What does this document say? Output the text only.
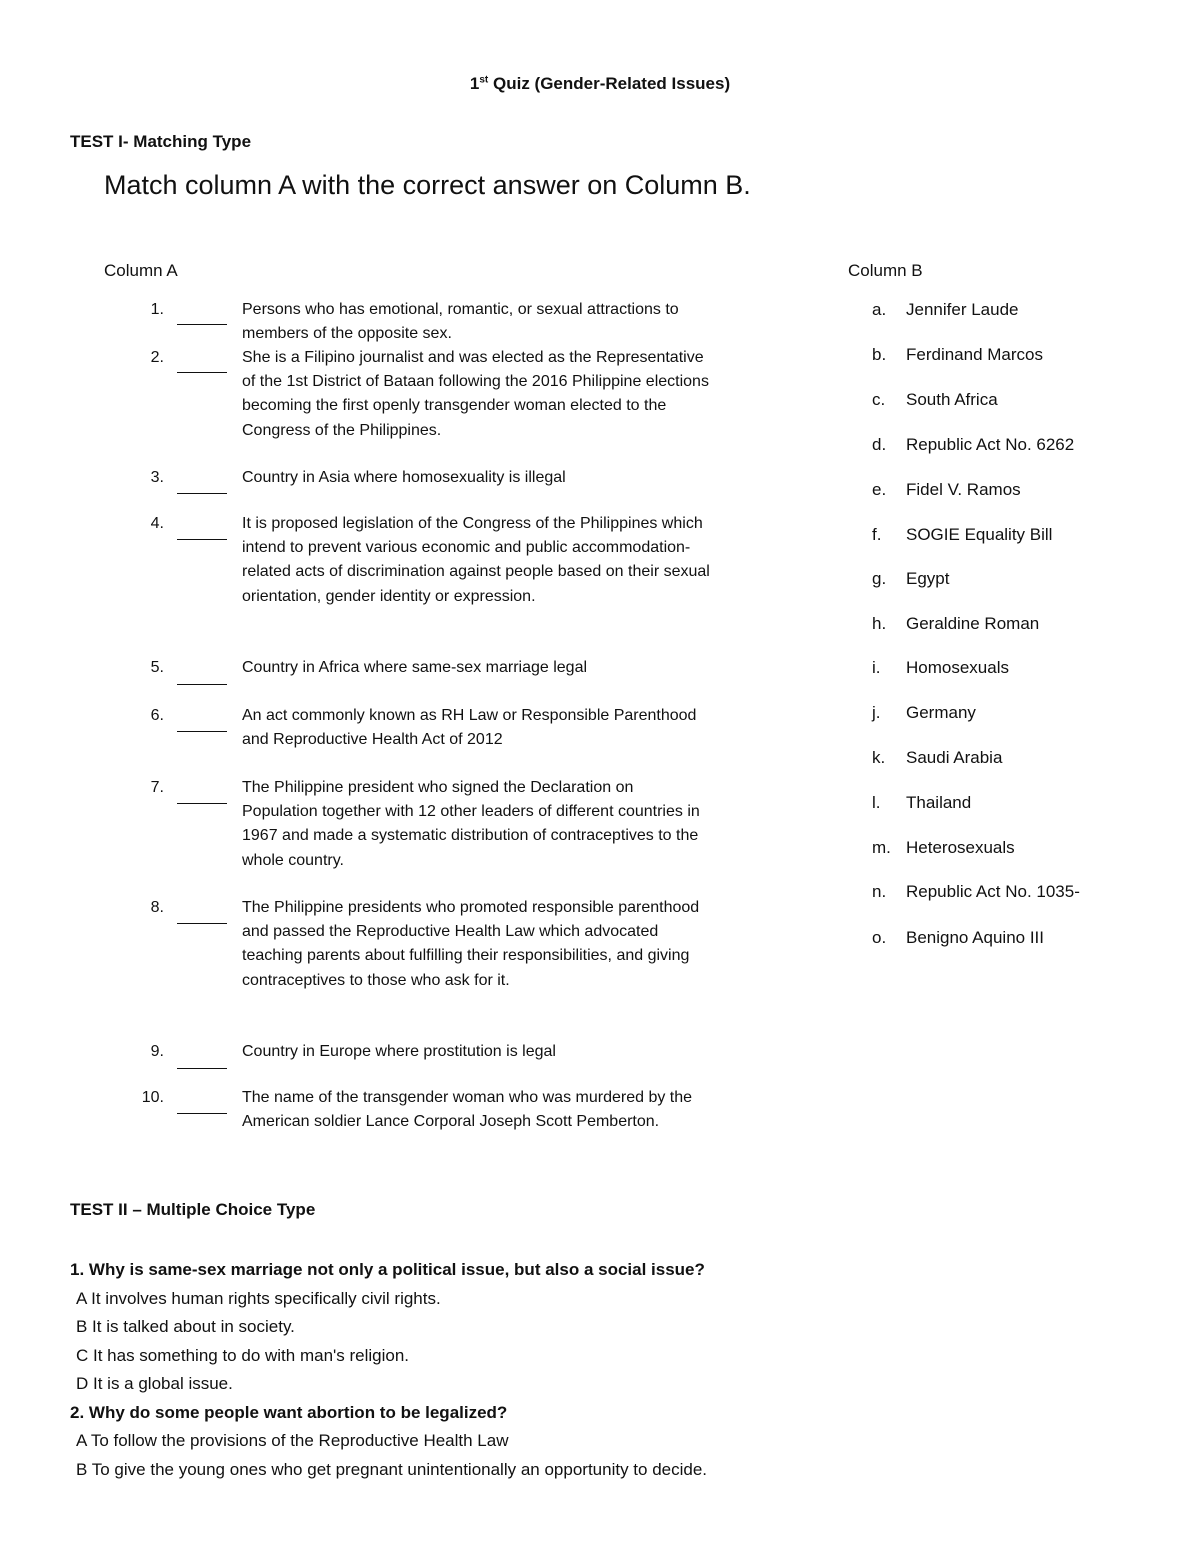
1st Quiz (Gender-Related Issues)
TEST I- Matching Type
Match column A with the correct answer on Column B.
Column A	Column B
1.	Persons who has emotional, romantic, or sexual attractions to members of the opposite sex.
2.	She is a Filipino journalist and was elected as the Representative of the 1st District of Bataan following the 2016 Philippine elections becoming the first openly transgender woman elected to the Congress of the Philippines.
3.	Country in Asia where homosexuality is illegal
4.	It is proposed legislation of the Congress of the Philippines which intend to prevent various economic and public accommodation-related acts of discrimination against people based on their sexual orientation, gender identity or expression.
5.	Country in Africa where same-sex marriage legal
6.	An act commonly known as RH Law or Responsible Parenthood and Reproductive Health Act of 2012
7.	The Philippine president who signed the Declaration on Population together with 12 other leaders of different countries in 1967 and made a systematic distribution of contraceptives to the whole country.
8.	The Philippine presidents who promoted responsible parenthood and passed the Reproductive Health Law which advocated teaching parents about fulfilling their responsibilities, and giving contraceptives to those who ask for it.
9.	Country in Europe where prostitution is legal
10.	The name of the transgender woman who was murdered by the American soldier Lance Corporal Joseph Scott Pemberton.
a. Jennifer Laude
b. Ferdinand Marcos
c. South Africa
d. Republic Act No. 6262
e. Fidel V. Ramos
f. SOGIE Equality Bill
g. Egypt
h. Geraldine Roman
i. Homosexuals
j. Germany
k. Saudi Arabia
l. Thailand
m. Heterosexuals
n. Republic Act No. 1035-
o. Benigno Aquino III
TEST II – Multiple Choice Type
1. Why is same-sex marriage not only a political issue, but also a social issue?
A It involves human rights specifically civil rights.
B It is talked about in society.
C It has something to do with man's religion.
D It is a global issue.
2. Why do some people want abortion to be legalized?
A To follow the provisions of the Reproductive Health Law
B To give the young ones who get pregnant unintentionally an opportunity to decide.
